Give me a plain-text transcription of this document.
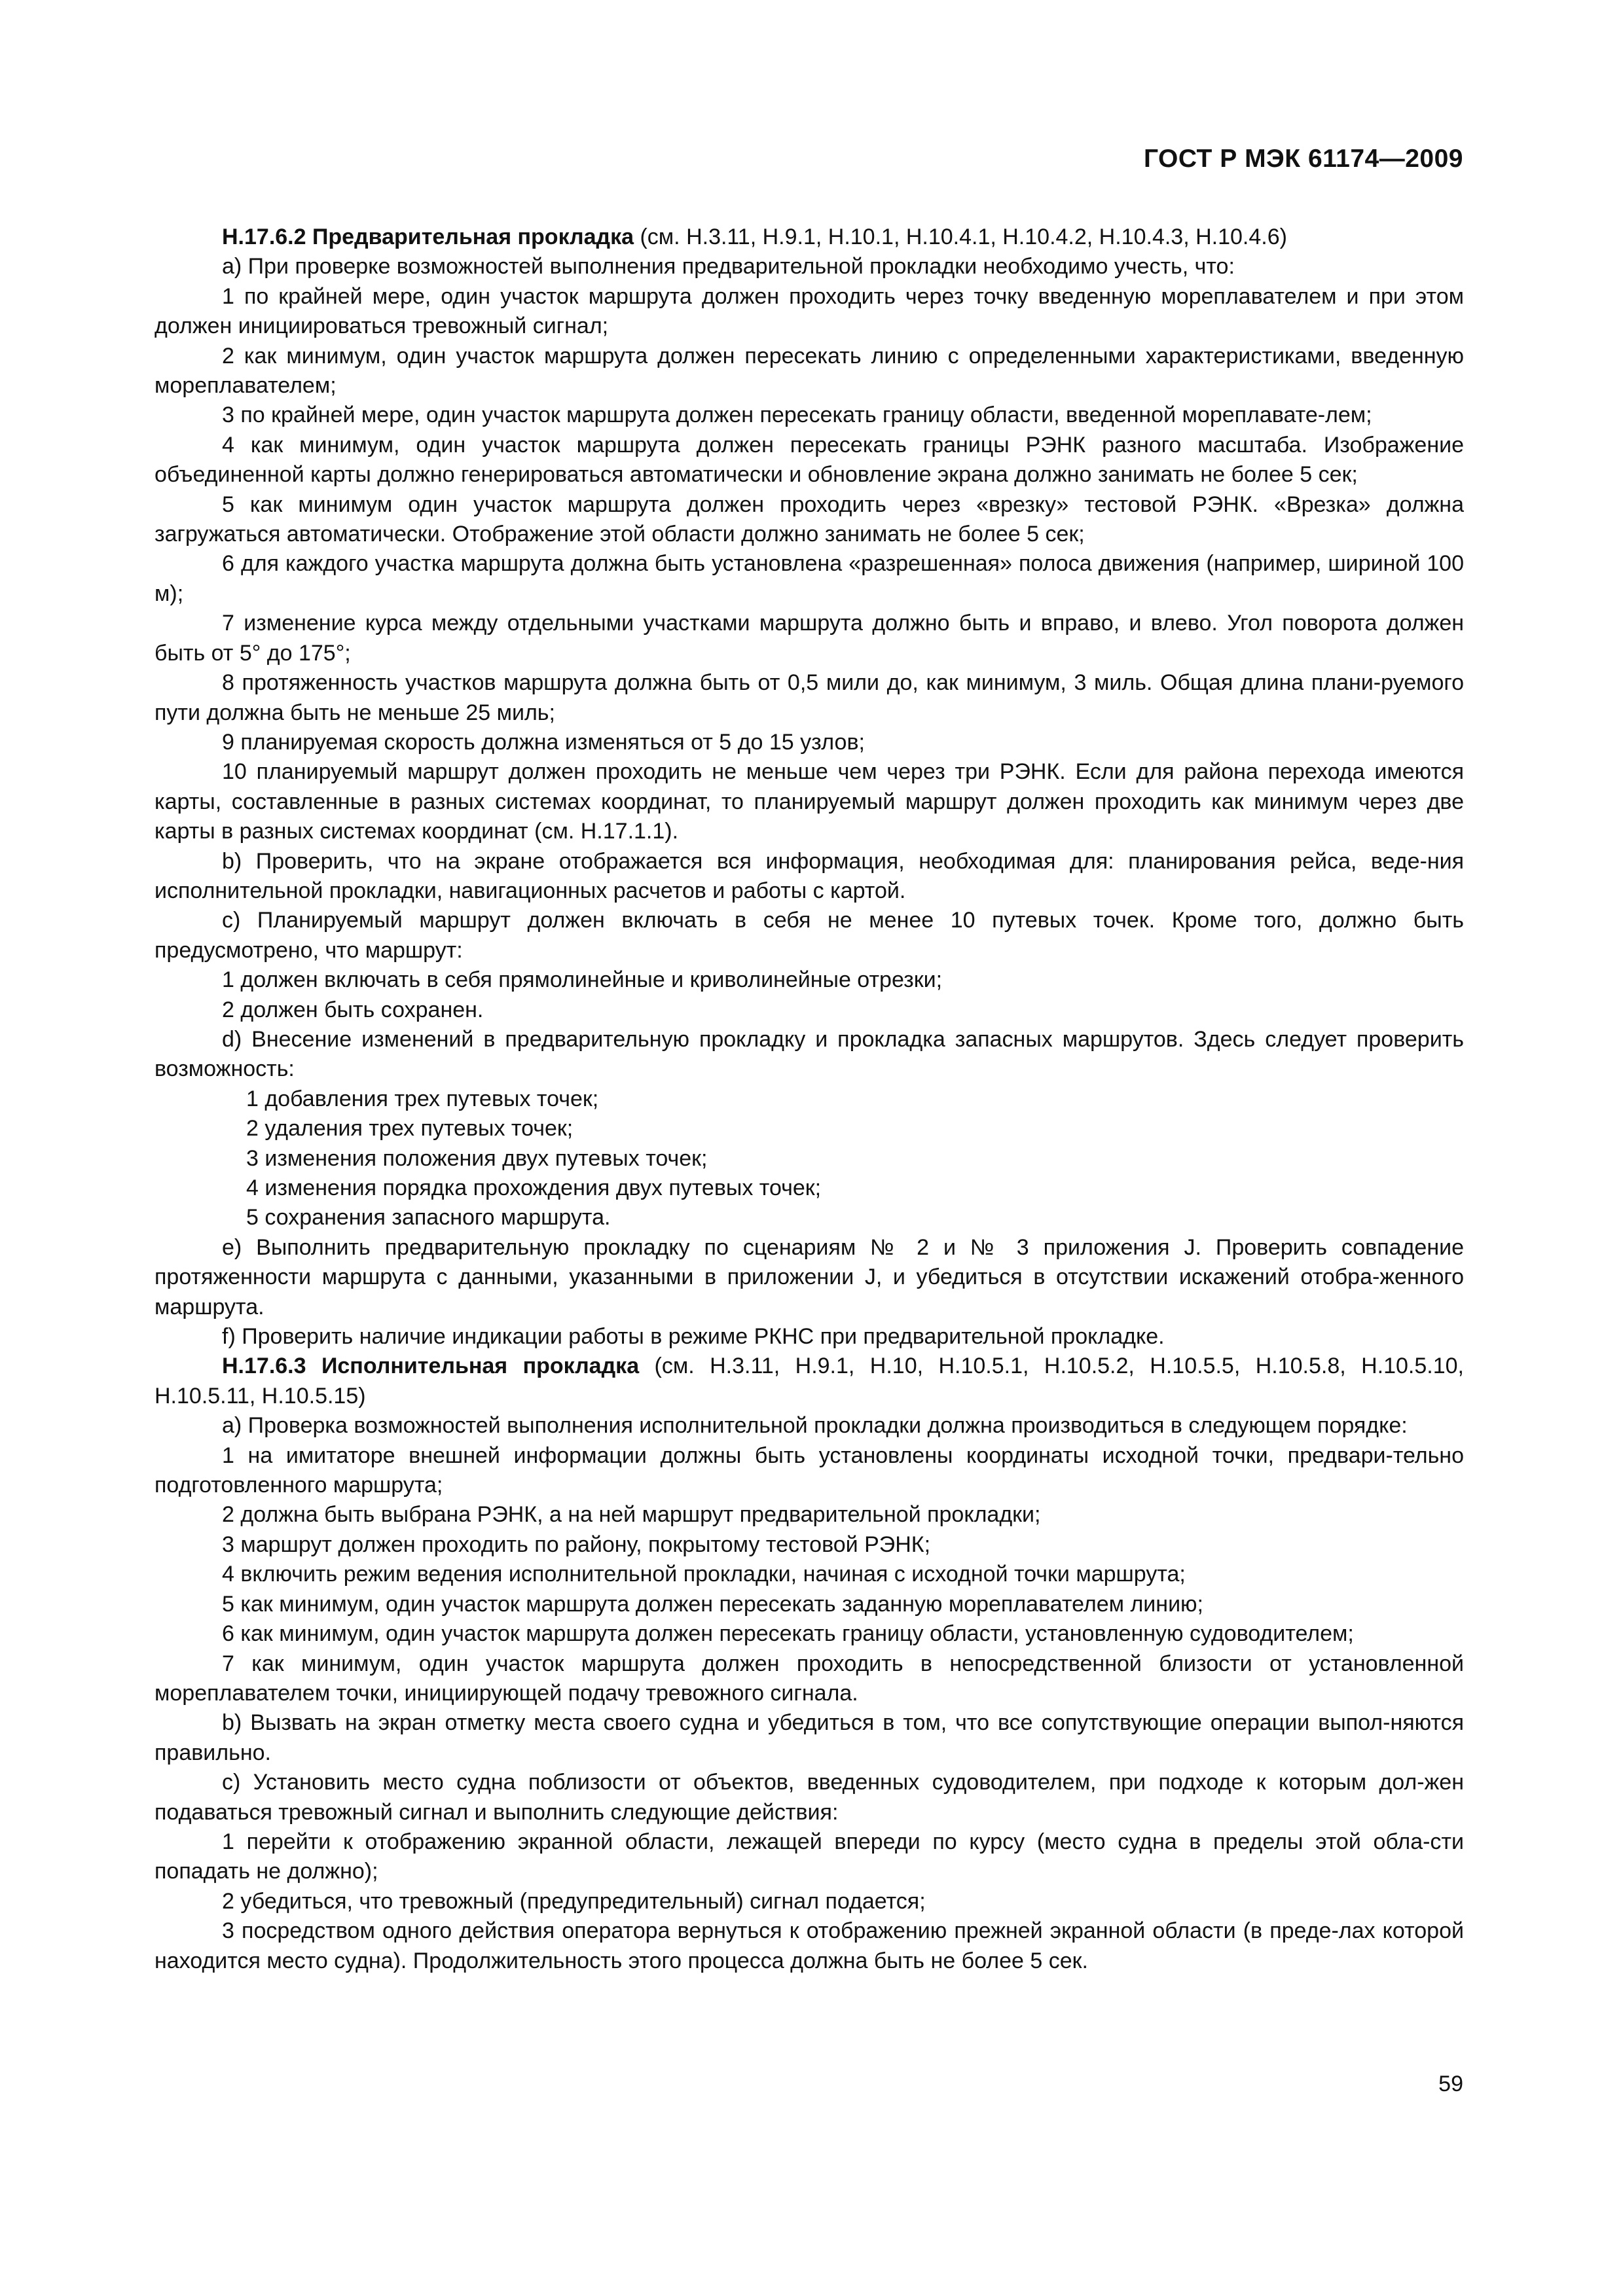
ГОСТ Р МЭК 61174—2009

Н.17.6.2 Предварительная прокладка (см. Н.3.11, Н.9.1, Н.10.1, Н.10.4.1, Н.10.4.2, Н.10.4.3, Н.10.4.6)

а) При проверке возможностей выполнения предварительной прокладки необходимо учесть, что:

1 по крайней мере, один участок маршрута должен проходить через точку введенную мореплавателем и при этом должен инициироваться тревожный сигнал;

2 как минимум, один участок маршрута должен пересекать линию с определенными характеристиками, введенную мореплавателем;

3 по крайней мере, один участок маршрута должен пересекать границу области, введенной мореплавате-лем;

4 как минимум, один участок маршрута должен пересекать границы РЭНК разного масштаба. Изображение объединенной карты должно генерироваться автоматически и обновление экрана должно занимать не более 5 сек;

5 как минимум один участок маршрута должен проходить через «врезку» тестовой РЭНК. «Врезка» должна загружаться автоматически. Отображение этой области должно занимать не более 5 сек;

6 для каждого участка маршрута должна быть установлена «разрешенная» полоса движения (например, шириной 100 м);

7 изменение курса между отдельными участками маршрута должно быть и вправо, и влево. Угол поворота должен быть от 5° до 175°;

8 протяженность участков маршрута должна быть от 0,5 мили до, как минимум, 3 миль. Общая длина плани-руемого пути должна быть не меньше 25 миль;

9 планируемая скорость должна изменяться от 5 до 15 узлов;

10 планируемый маршрут должен проходить не меньше чем через три РЭНК. Если для района перехода имеются карты, составленные в разных системах координат, то планируемый маршрут должен проходить как минимум через две карты в разных системах координат (см. Н.17.1.1).

b) Проверить, что на экране отображается вся информация, необходимая для: планирования рейса, веде-ния исполнительной прокладки, навигационных расчетов и работы с картой.

с) Планируемый маршрут должен включать в себя не менее 10 путевых точек. Кроме того, должно быть предусмотрено, что маршрут:

1 должен включать в себя прямолинейные и криволинейные отрезки;

2 должен быть сохранен.

d) Внесение изменений в предварительную прокладку и прокладка запасных маршрутов. Здесь следует проверить возможность:

1 добавления трех путевых точек;

2 удаления трех путевых точек;

3 изменения положения двух путевых точек;

4 изменения порядка прохождения двух путевых точек;

5 сохранения запасного маршрута.

е) Выполнить предварительную прокладку по сценариям № 2 и № 3 приложения J. Проверить совпадение протяженности маршрута с данными, указанными в приложении J, и убедиться в отсутствии искажений отобра-женного маршрута.

f) Проверить наличие индикации работы в режиме РКНС при предварительной прокладке.

Н.17.6.3 Исполнительная прокладка (см. Н.3.11, Н.9.1, Н.10, Н.10.5.1, Н.10.5.2, Н.10.5.5, Н.10.5.8, Н.10.5.10, Н.10.5.11, Н.10.5.15)

а) Проверка возможностей выполнения исполнительной прокладки должна производиться в следующем порядке:

1 на имитаторе внешней информации должны быть установлены координаты исходной точки, предвари-тельно подготовленного маршрута;

2 должна быть выбрана РЭНК, а на ней маршрут предварительной прокладки;

3 маршрут должен проходить по району, покрытому тестовой РЭНК;

4 включить режим ведения исполнительной прокладки, начиная с исходной точки маршрута;

5 как минимум, один участок маршрута должен пересекать заданную мореплавателем линию;

6 как минимум, один участок маршрута должен пересекать границу области, установленную судоводителем;

7 как минимум, один участок маршрута должен проходить в непосредственной близости от установленной мореплавателем точки, инициирующей подачу тревожного сигнала.

b) Вызвать на экран отметку места своего судна и убедиться в том, что все сопутствующие операции выпол-няются правильно.

с) Установить место судна поблизости от объектов, введенных судоводителем, при подходе к которым дол-жен подаваться тревожный сигнал и выполнить следующие действия:

1 перейти к отображению экранной области, лежащей впереди по курсу (место судна в пределы этой обла-сти попадать не должно);

2 убедиться, что тревожный (предупредительный) сигнал подается;

3 посредством одного действия оператора вернуться к отображению прежней экранной области (в преде-лах которой находится место судна). Продолжительность этого процесса должна быть не более 5 сек.

59
